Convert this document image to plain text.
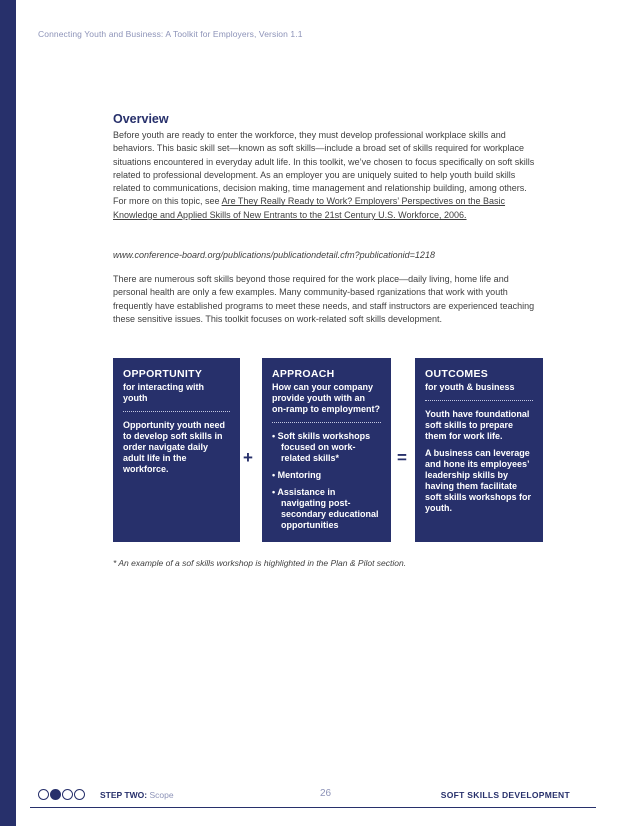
Connecting Youth and Business: A Toolkit for Employers, Version 1.1
Overview
Before youth are ready to enter the workforce, they must develop professional workplace skills and behaviors. This basic skill set—known as soft skills—include a broad set of skills required for workplace situations encountered in everyday adult life. In this toolkit, we’ve chosen to focus specifically on soft skills related to professional development. As an employer you are uniquely suited to help youth build skills related to communications, decision making, time management and relationship building, among others. For more on this topic, see Are They Really Ready to Work? Employers’ Perspectives on the Basic Knowledge and Applied Skills of New Entrants to the 21st Century U.S. Workforce, 2006.
www.conference-board.org/publications/publicationdetail.cfm?publicationid=1218
There are numerous soft skills beyond those required for the work place—daily living, home life and personal health are only a few examples. Many community-based rganizations that work with youth frequently have established programs to meet these needs, and staff instructors are experienced teaching these sensitive issues. This toolkit focuses on work-related soft skills development.
OPPORTUNITY
for interacting with youth
Opportunity youth need to develop soft skills in order navigate daily adult life in the workforce.
+
APPROACH
How can your company provide youth with an on-ramp to employment?
• Soft skills workshops focused on work-related skills*
• Mentoring
• Assistance in navigating post-secondary educational opportunities
=
OUTCOMES
for youth & business

Youth have foundational soft skills to prepare them for work life.

A business can leverage and hone its employees’ leadership skills by having them facilitate soft skills workshops for youth.

* An example of a sof skills workshop is highlighted in the Plan & Pilot section.
STEP TWO: Scope	26	SOFT SKILLS DEVELOPMENT
